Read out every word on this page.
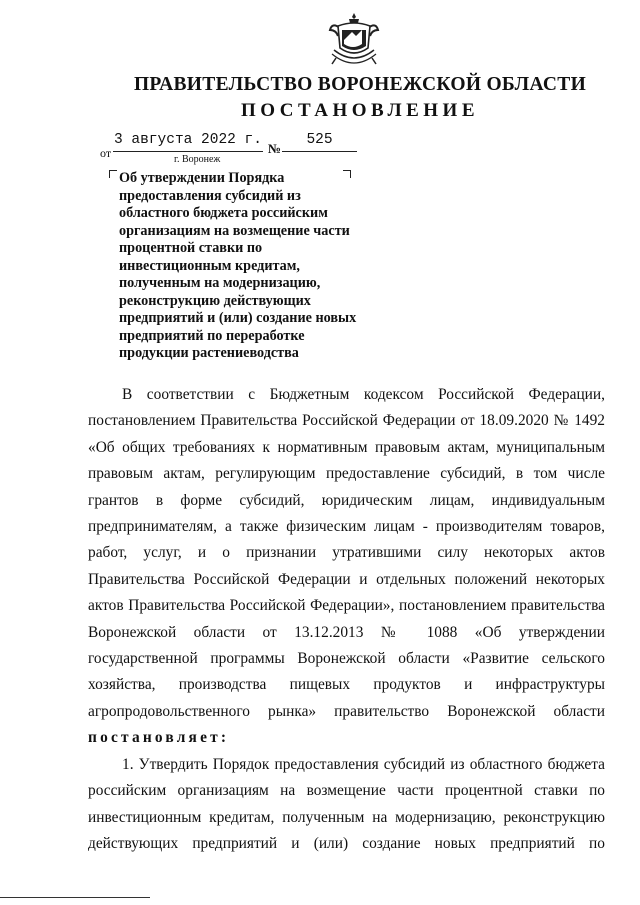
ПРАВИТЕЛЬСТВО ВОРОНЕЖСКОЙ ОБЛАСТИ
ПОСТАНОВЛЕНИЕ
от
3 августа 2022 г.
№
525
г. Воронеж
Об утверждении Порядка
предоставления субсидий из
областного бюджета российским
организациям на возмещение части
процентной ставки по
инвестиционным кредитам,
полученным на модернизацию,
реконструкцию действующих
предприятий и (или) создание новых
предприятий по переработке
продукции растениеводства

В соответствии с Бюджетным кодексом Российской Федерации, постановлением Правительства Российской Федерации от 18.09.2020 № 1492 «Об общих требованиях к нормативным правовым актам, муниципальным правовым актам, регулирующим предоставление субсидий, в том числе грантов в форме субсидий, юридическим лицам, индивидуальным предпринимателям, а также физическим лицам - производителям товаров, работ, услуг, и о признании утратившими силу некоторых актов Правительства Российской Федерации и отдельных положений некоторых актов Правительства Российской Федерации», постановлением правительства Воронежской области от 13.12.2013 № 1088 «Об утверждении государственной программы Воронежской области «Развитие сельского хозяйства, производства пищевых продуктов и инфраструктуры агропродовольственного рынка» правительство Воронежской области

постановляет:

1. Утвердить Порядок предоставления субсидий из областного бюджета российским организациям на возмещение части процентной ставки по инвестиционным кредитам, полученным на модернизацию, реконструкцию действующих предприятий и (или) создание новых предприятий по
